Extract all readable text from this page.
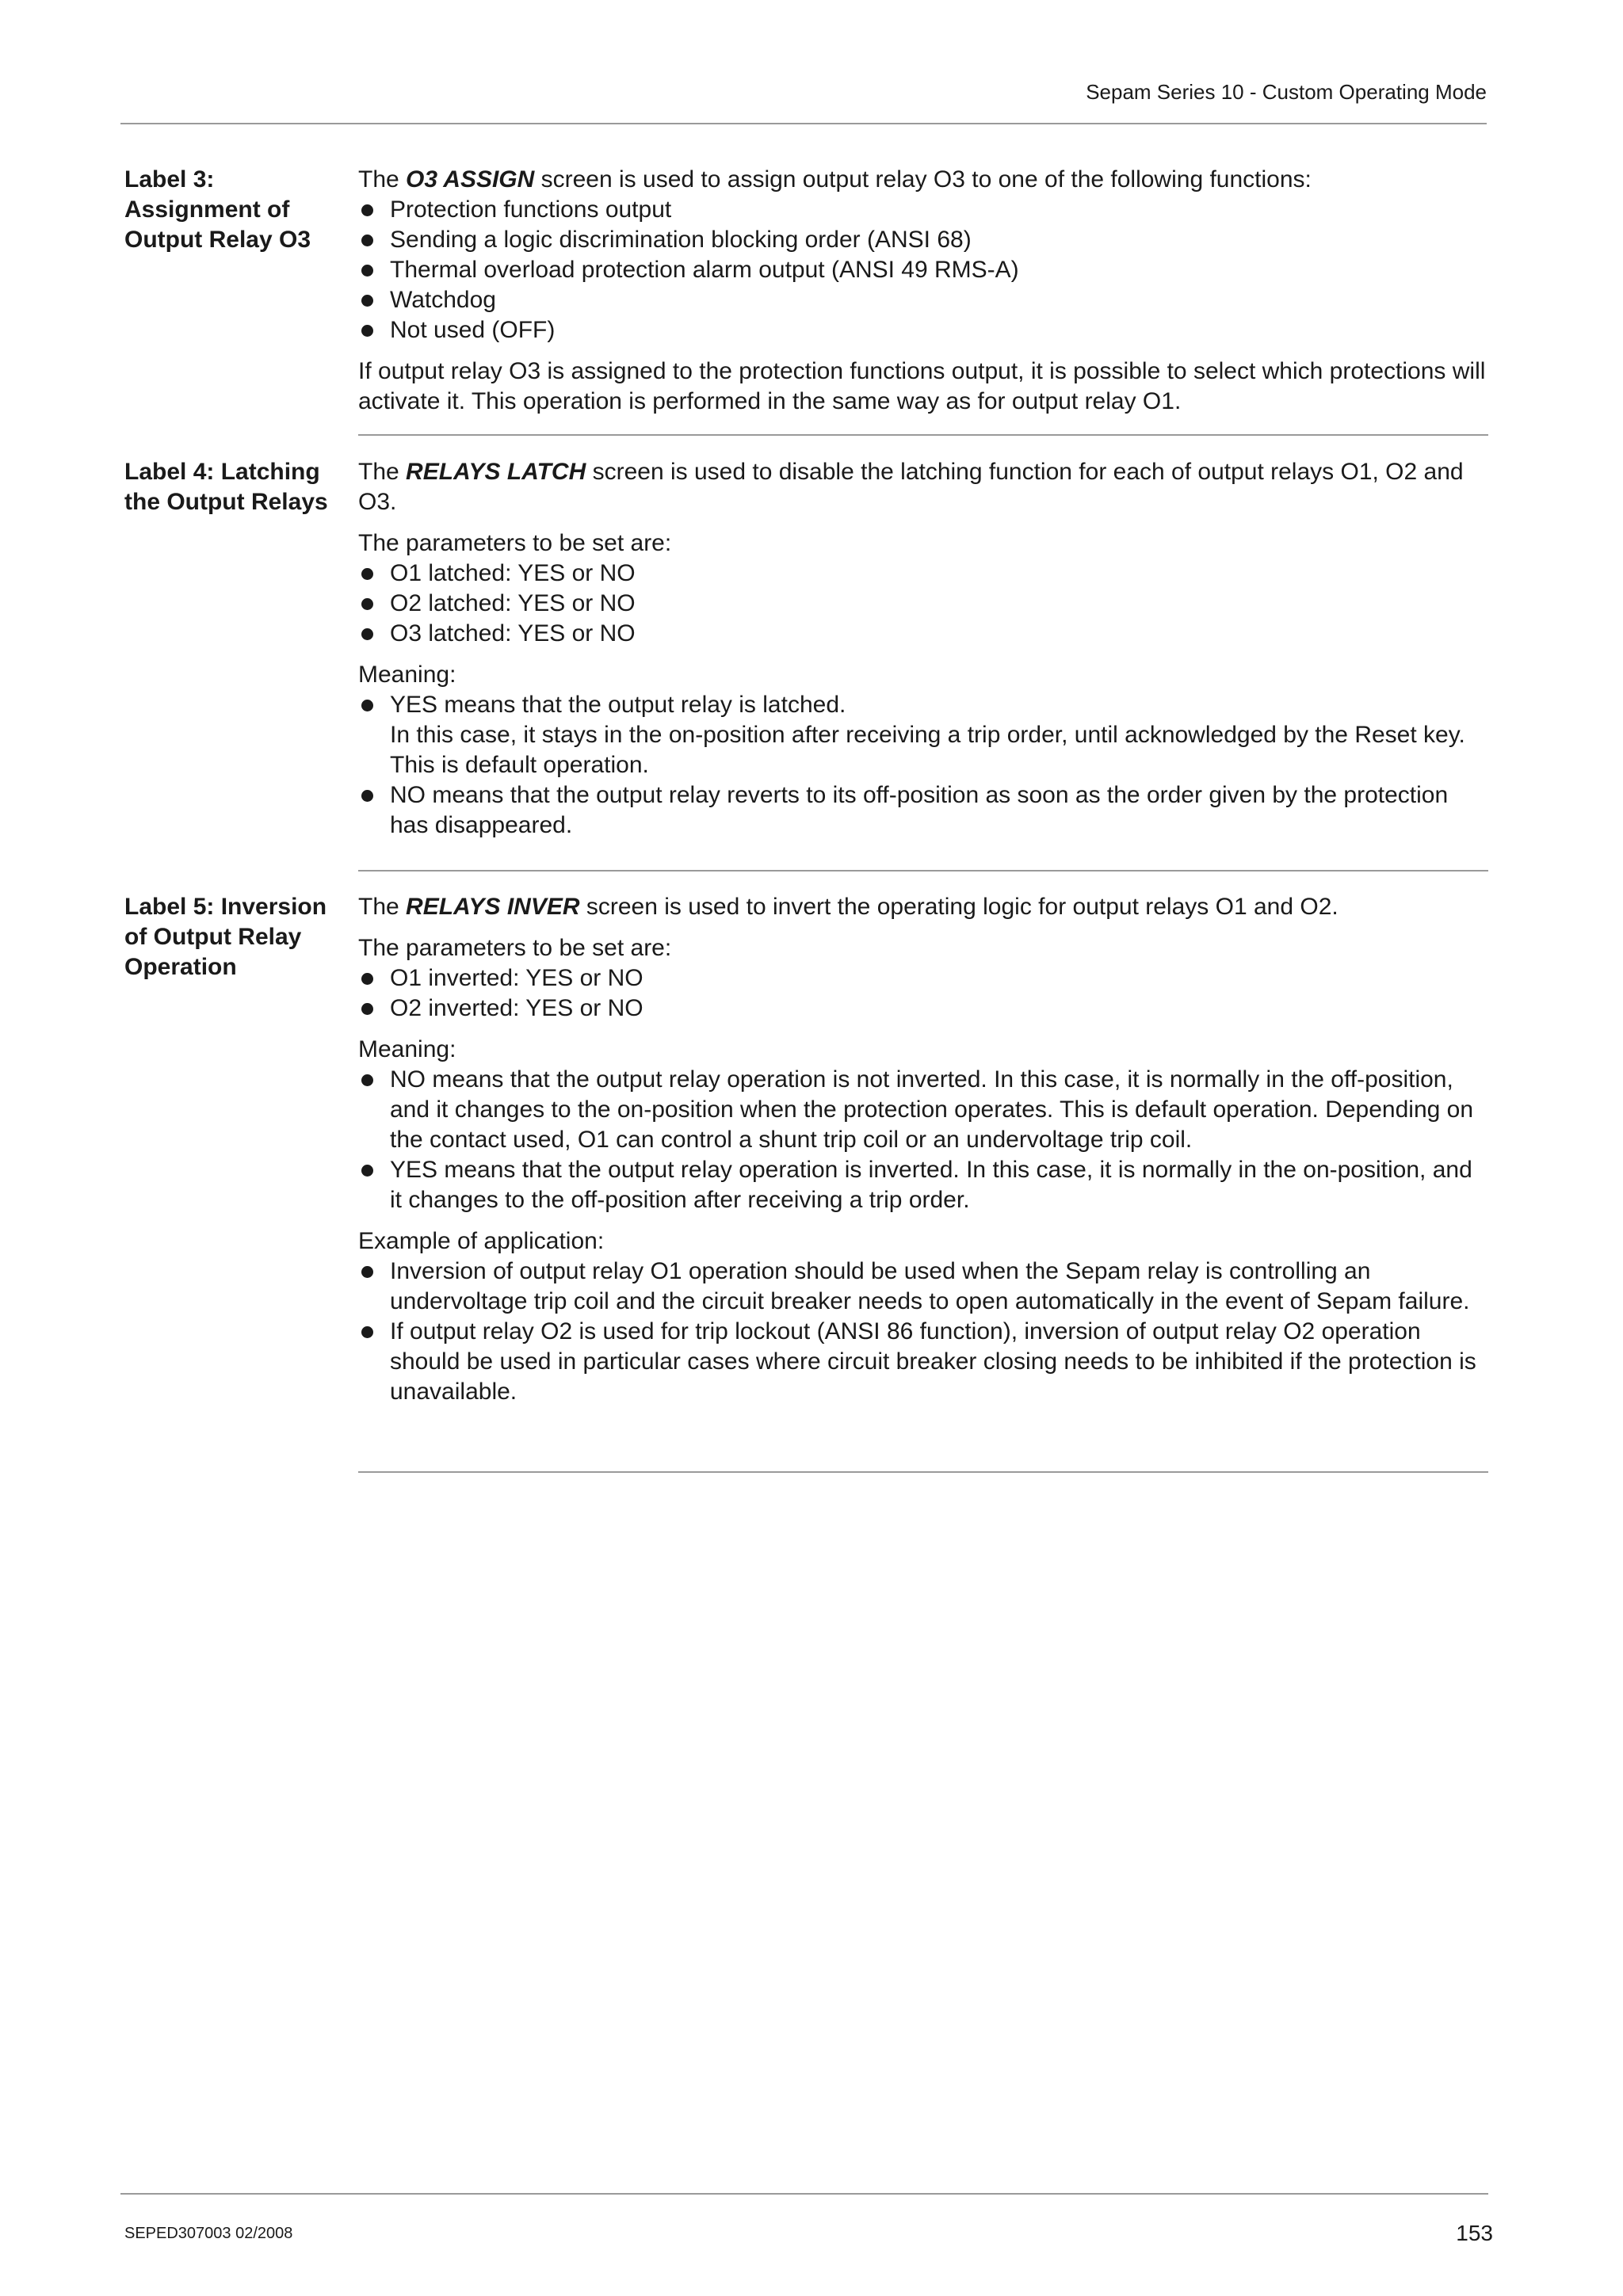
Sepam Series 10 - Custom Operating Mode
Label 3: Assignment of Output Relay O3

The O3 ASSIGN screen is used to assign output relay O3 to one of the following functions:

Protection functions output
Sending a logic discrimination blocking order (ANSI 68)
Thermal overload protection alarm output (ANSI 49 RMS-A)
Watchdog
Not used (OFF)

If output relay O3 is assigned to the protection functions output, it is possible to select which protections will activate it. This operation is performed in the same way as for output relay O1.

Label 4: Latching the Output Relays

The RELAYS LATCH screen is used to disable the latching function for each of output relays O1, O2 and O3.

The parameters to be set are:

O1 latched: YES or NO
O2 latched: YES or NO
O3 latched: YES or NO

Meaning:

YES means that the output relay is latched.
In this case, it stays in the on-position after receiving a trip order, until acknowledged by the Reset key. This is default operation.
NO means that the output relay reverts to its off-position as soon as the order given by the protection has disappeared.
Label 5: Inversion of Output Relay Operation

The RELAYS INVER screen is used to invert the operating logic for output relays O1 and O2.

The parameters to be set are:

O1 inverted: YES or NO
O2 inverted: YES or NO

Meaning:

NO means that the output relay operation is not inverted. In this case, it is normally in the off-position, and it changes to the on-position when the protection operates. This is default operation. Depending on the contact used, O1 can control a shunt trip coil or an undervoltage trip coil.
YES means that the output relay operation is inverted. In this case, it is normally in the on-position, and it changes to the off-position after receiving a trip order.

Example of application:

Inversion of output relay O1 operation should be used when the Sepam relay is controlling an undervoltage trip coil and the circuit breaker needs to open automatically in the event of Sepam failure.
If output relay O2 is used for trip lockout (ANSI 86 function), inversion of output relay O2 operation should be used in particular cases where circuit breaker closing needs to be inhibited if the protection is unavailable.
SEPED307003 02/2008	153
